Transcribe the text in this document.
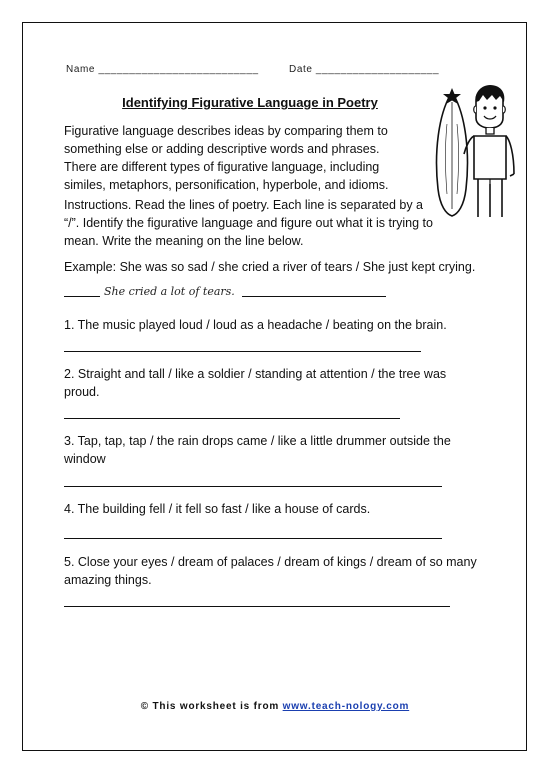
Name __________________________	Date ____________________
Identifying Figurative Language in Poetry
Figurative language describes ideas by comparing them to something else or adding descriptive words and phrases. There are different types of figurative language, including similes, metaphors, personification, hyperbole, and idioms.
Instructions. Read the lines of poetry. Each line is separated by a “/”. Identify the figurative language and figure out what it is trying to mean. Write the meaning on the line below.
Example: She was so sad / she cried a river of tears / She just kept crying.
She cried a lot of tears.
1. The music played loud / loud as a headache / beating on the brain.
2. Straight and tall / like a soldier / standing at attention / the tree was proud.
3. Tap, tap, tap / the rain drops came / like a little drummer outside the window
4. The building fell / it fell so fast / like a house of cards.
5. Close your eyes / dream of palaces / dream of kings / dream of so many amazing things.
© This worksheet is from www.teach-nology.com
